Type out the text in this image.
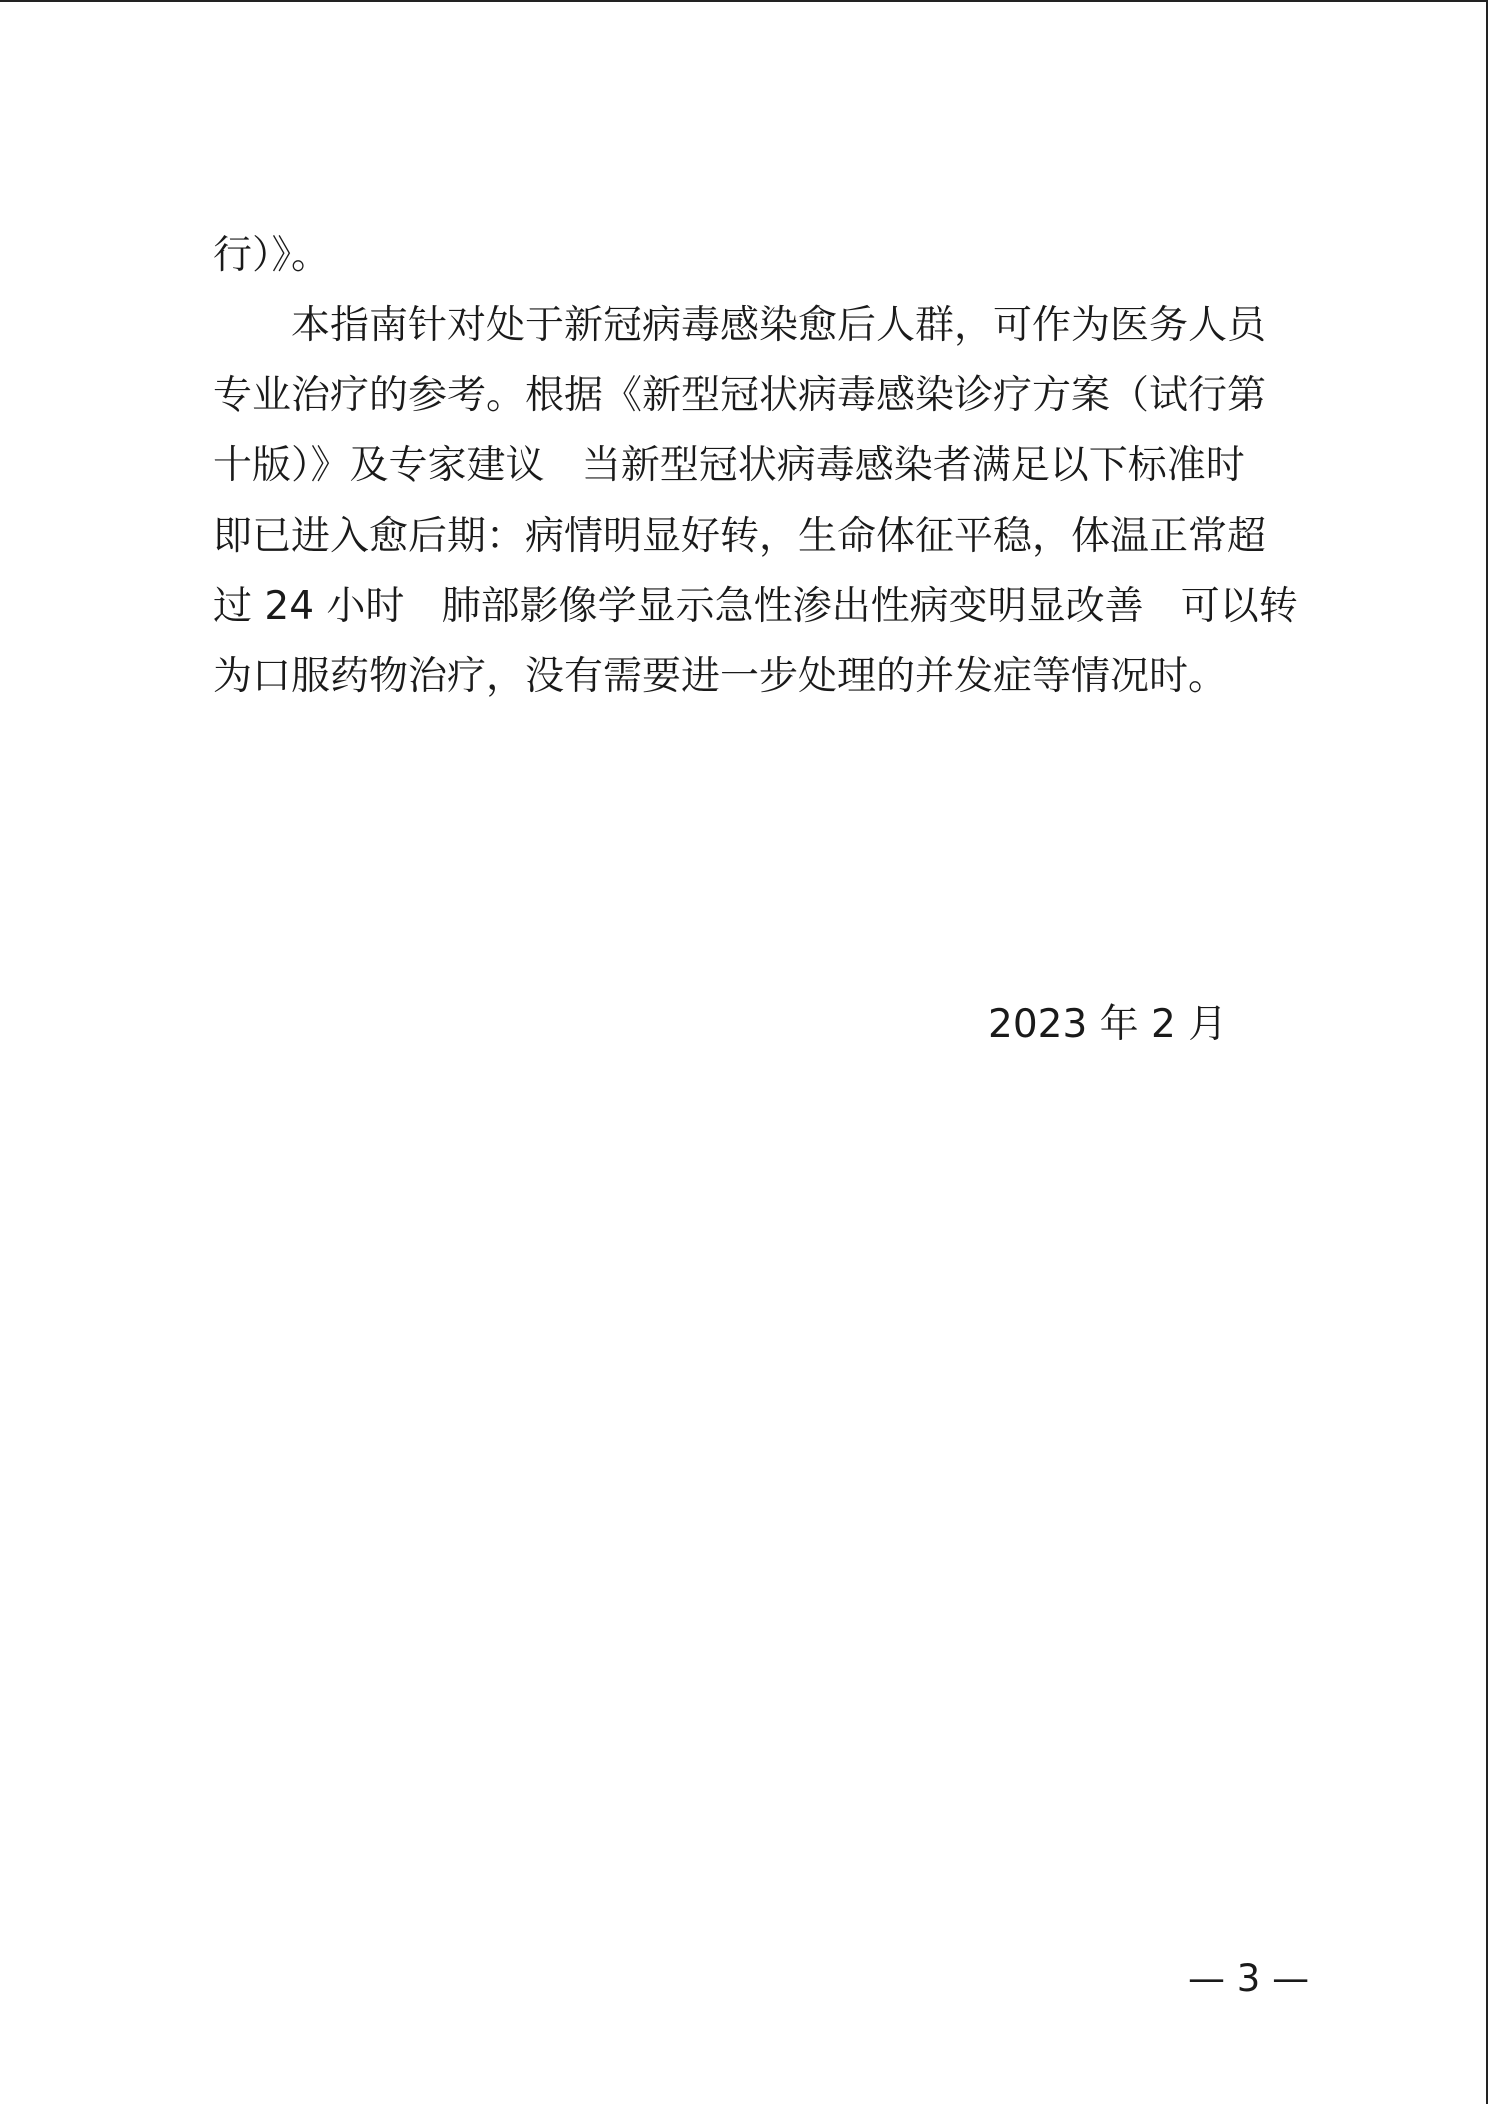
行）》。
本指南针对处于新冠病毒感染愈后人群，可作为医务人员
专业治疗的参考。根据《新型冠状病毒感染诊疗方案（试行第
十版）》及专家建议   当新型冠状病毒感染者满足以下标准时
即已进入愈后期：病情明显好转，生命体征平稳，体温正常超
过 24 小时   肺部影像学显示急性渗出性病变明显改善   可以转
为口服药物治疗，没有需要进一步处理的并发症等情况时。
2023 年 2 月
— 3 —
